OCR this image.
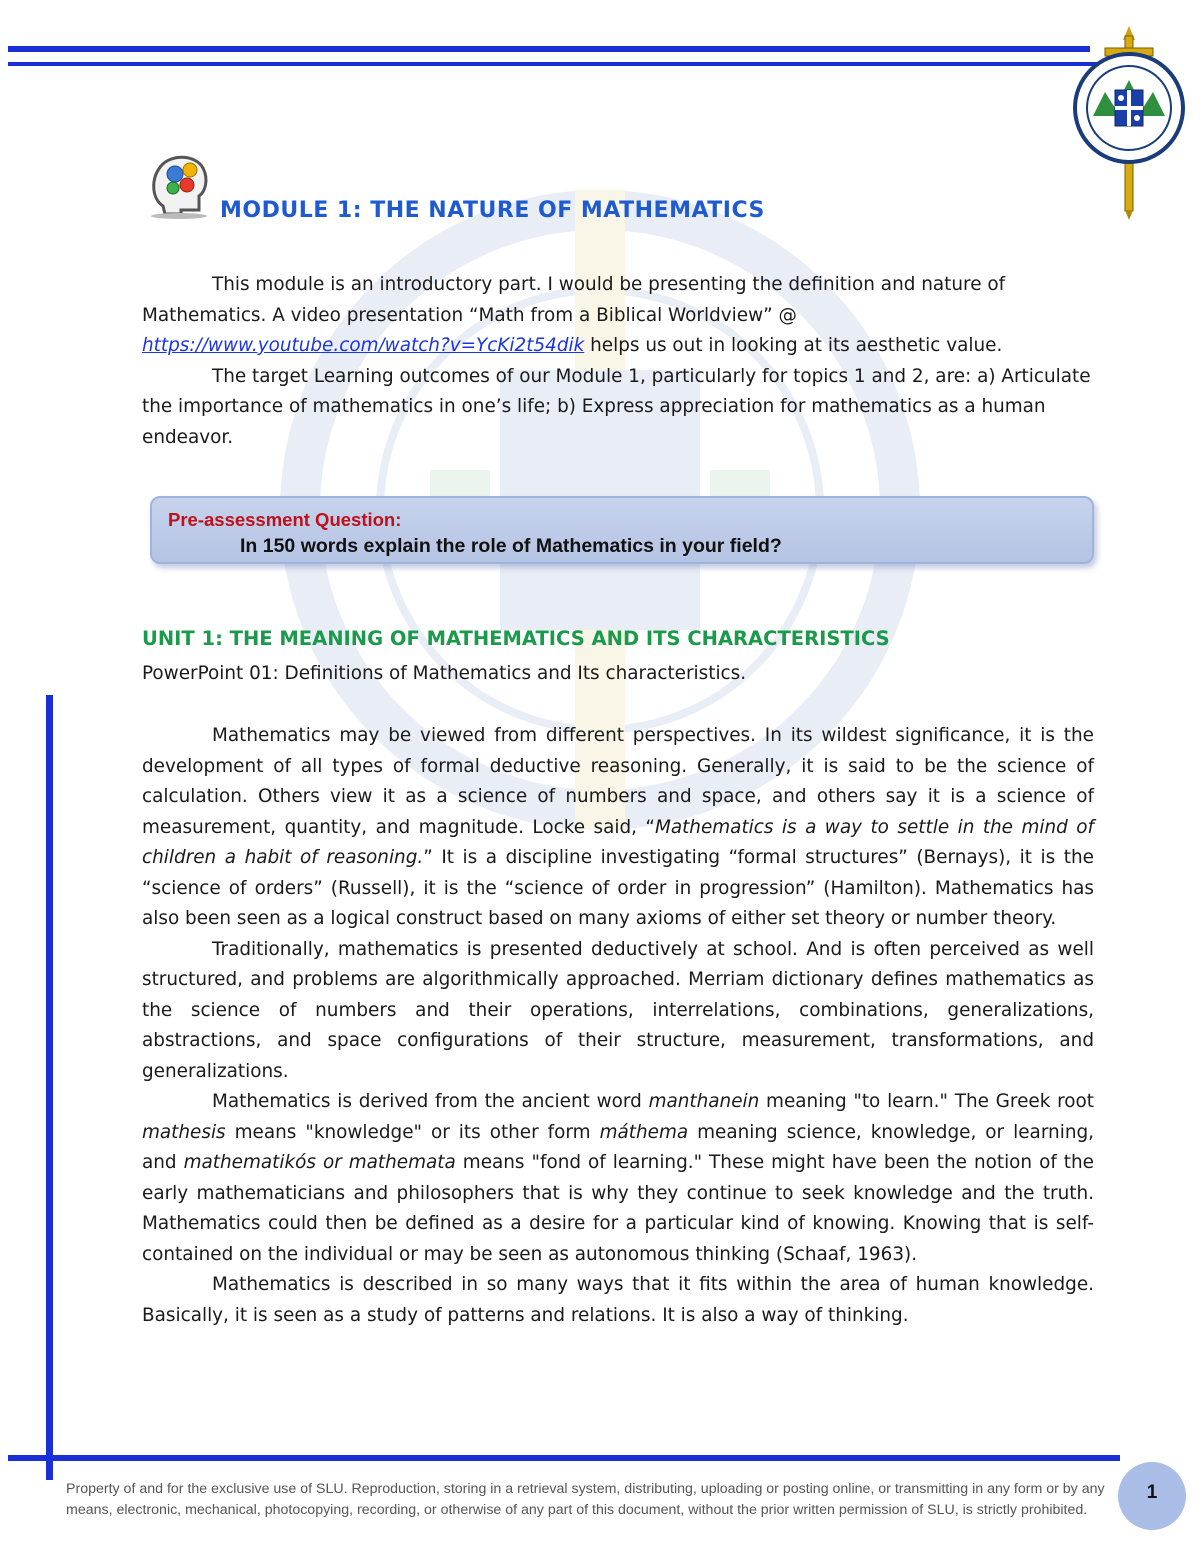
MODULE 1: THE NATURE OF MATHEMATICS

This module is an introductory part. I would be presenting the definition and nature of Mathematics. A video presentation “Math from a Biblical Worldview” @ https://www.youtube.com/watch?v=YcKi2t54dik helps us out in looking at its aesthetic value.

The target Learning outcomes of our Module 1, particularly for topics 1 and 2, are: a) Articulate the importance of mathematics in one’s life; b) Express appreciation for mathematics as a human endeavor.

Pre-assessment Question:
In 150 words explain the role of Mathematics in your field?
UNIT 1: THE MEANING OF MATHEMATICS AND ITS CHARACTERISTICS
PowerPoint 01: Definitions of Mathematics and Its characteristics.

Mathematics may be viewed from different perspectives. In its wildest significance, it is the development of all types of formal deductive reasoning. Generally, it is said to be the science of calculation. Others view it as a science of numbers and space, and others say it is a science of measurement, quantity, and magnitude. Locke said, “Mathematics is a way to settle in the mind of children a habit of reasoning.” It is a discipline investigating “formal structures” (Bernays), it is the “science of orders” (Russell), it is the “science of order in progression” (Hamilton). Mathematics has also been seen as a logical construct based on many axioms of either set theory or number theory.

Traditionally, mathematics is presented deductively at school. And is often perceived as well structured, and problems are algorithmically approached. Merriam dictionary defines mathematics as the science of numbers and their operations, interrelations, combinations, generalizations, abstractions, and space configurations of their structure, measurement, transformations, and generalizations.

Mathematics is derived from the ancient word manthanein meaning "to learn." The Greek root mathesis means "knowledge" or its other form máthema meaning science, knowledge, or learning, and mathematikós or mathemata means "fond of learning." These might have been the notion of the early mathematicians and philosophers that is why they continue to seek knowledge and the truth. Mathematics could then be defined as a desire for a particular kind of knowing. Knowing that is self-contained on the individual or may be seen as autonomous thinking (Schaaf, 1963).

Mathematics is described in so many ways that it fits within the area of human knowledge. Basically, it is seen as a study of patterns and relations. It is also a way of thinking.

Property of and for the exclusive use of SLU. Reproduction, storing in a retrieval system, distributing, uploading or posting online, or transmitting in any form or by any means, electronic, mechanical, photocopying, recording, or otherwise of any part of this document, without the prior written permission of SLU, is strictly prohibited.
1
